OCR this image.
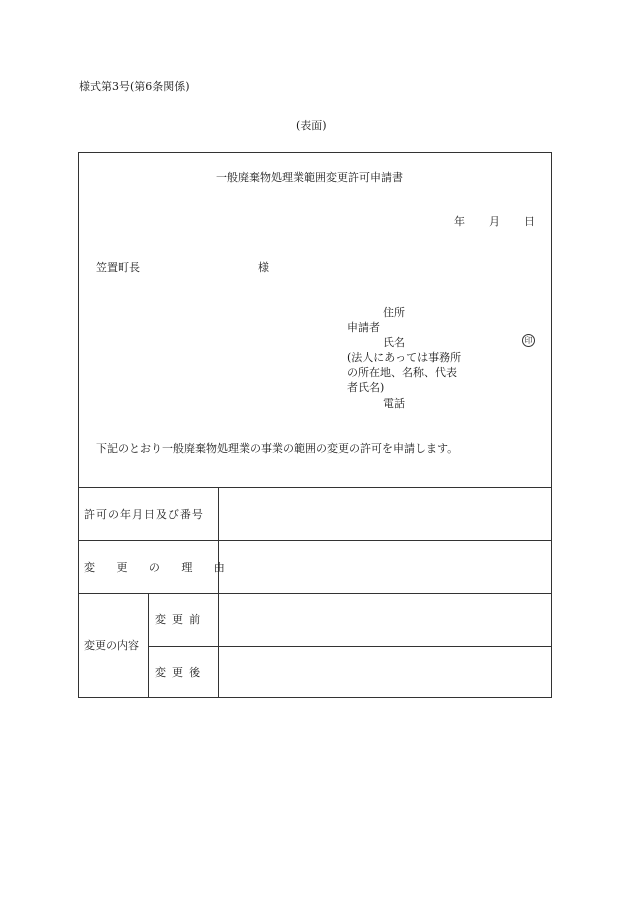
様式第3号(第6条関係)
(表面)
一般廃棄物処理業範囲変更許可申請書
年 月 日
笠置町長	様
住所
申請者
氏名	印
(法人にあっては事務所
の所在地、名称、代表
者氏名)
電話
下記のとおり一般廃棄物処理業の事業の範囲の変更の許可を申請します。
許可の年月日及び番号
変更の理由
変更の内容
変更前
変更後
